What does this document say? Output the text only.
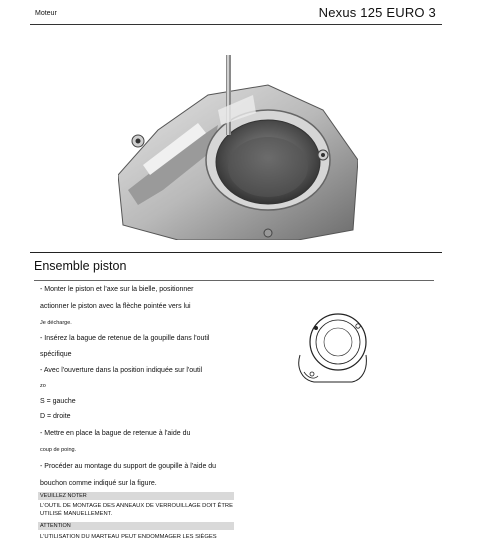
Moteur	Nexus 125 EURO 3
Ensemble piston
- Monter le piston et l'axe sur la bielle, positionner
actionner le piston avec la flèche pointée vers lui
Je décharge.
- Insérez la bague de retenue de la goupille dans l'outil
spécifique
- Avec l'ouverture dans la position indiquée sur l'outil
zo
S = gauche
D = droite
- Mettre en place la bague de retenue à l'aide du
coup de poing.
- Procéder au montage du support de goupille à l'aide du
bouchon comme indiqué sur la figure.
VEUILLEZ NOTER
L'OUTIL DE MONTAGE DES ANNEAUX DE VERROUILLAGE DOIT ÊTRE UTILISÉ MANUELLEMENT.
ATTENTION
L'UTILISATION DU MARTEAU PEUT ENDOMMAGER LES SIÈGES
